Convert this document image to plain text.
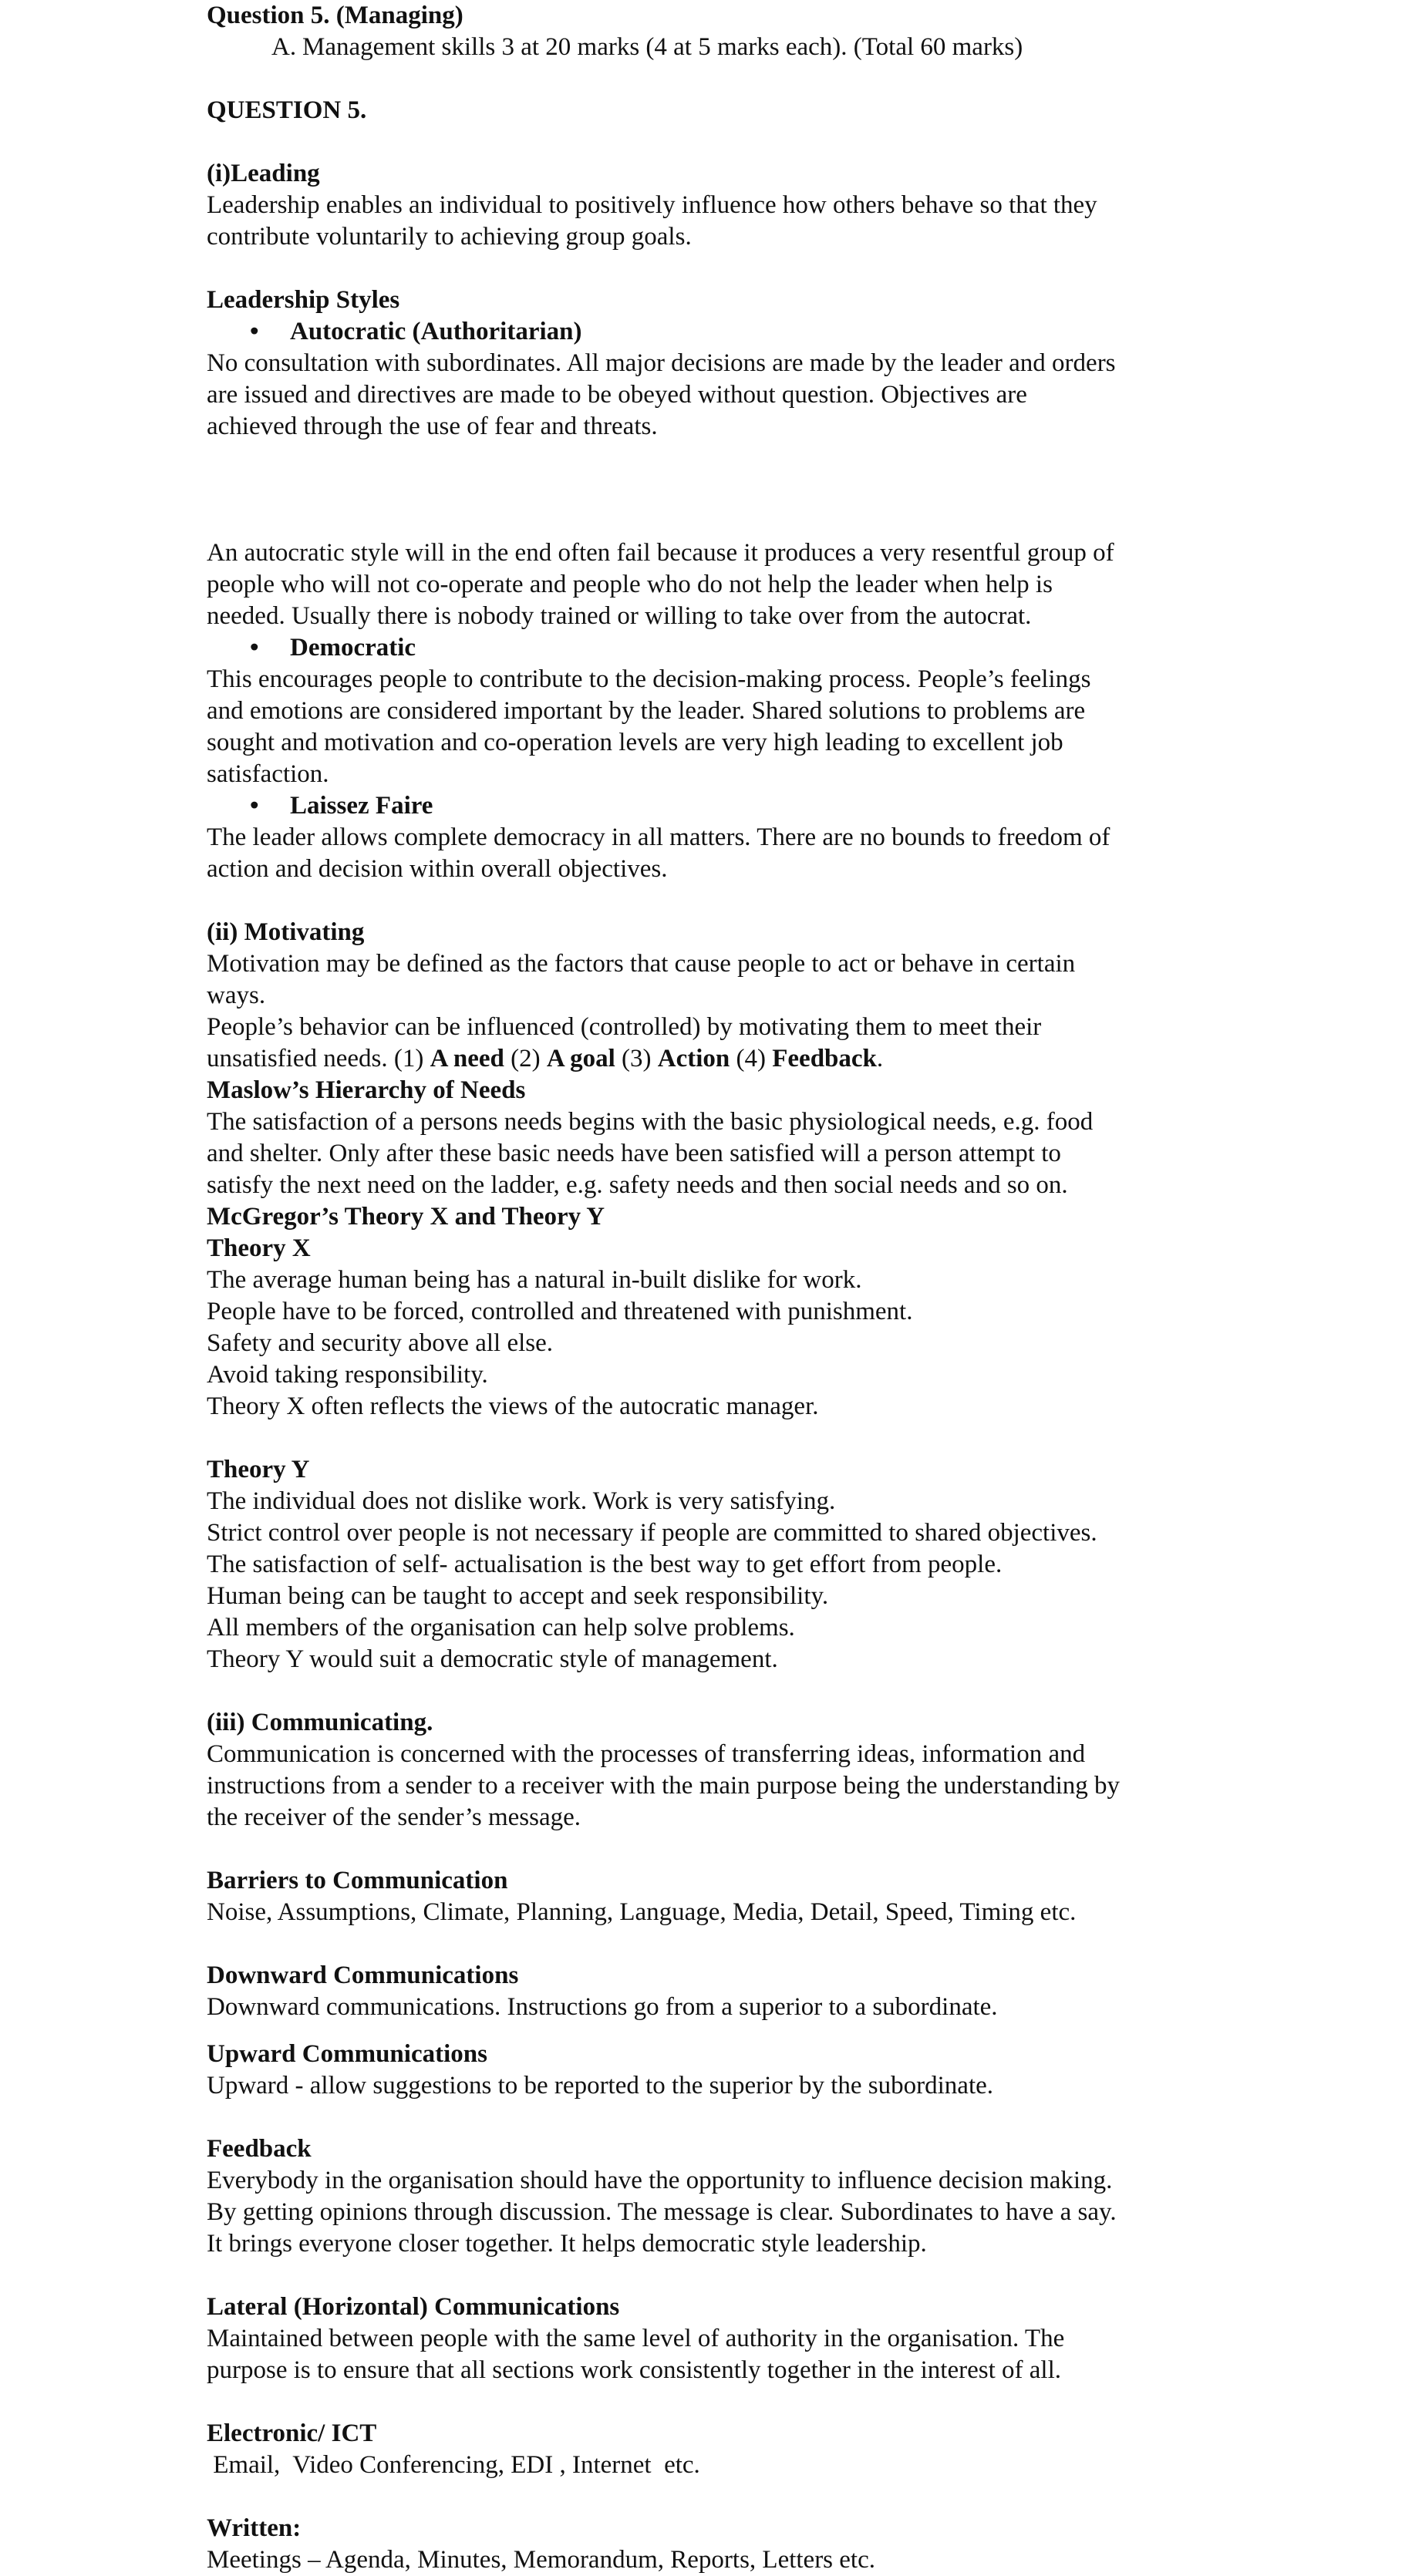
Question 5. (Managing)
A. Management skills 3 at 20 marks (4 at 5 marks each). (Total 60 marks)
QUESTION 5.
(i)Leading
Leadership enables an individual to positively influence how others behave so that they
contribute voluntarily to achieving group goals.
Leadership Styles
• Autocratic (Authoritarian)
No consultation with subordinates. All major decisions are made by the leader and orders
are issued and directives are made to be obeyed without question. Objectives are
achieved through the use of fear and threats.
An autocratic style will in the end often fail because it produces a very resentful group of
people who will not co-operate and people who do not help the leader when help is
needed. Usually there is nobody trained or willing to take over from the autocrat.
• Democratic
This encourages people to contribute to the decision-making process. People’s feelings
and emotions are considered important by the leader. Shared solutions to problems are
sought and motivation and co-operation levels are very high leading to excellent job
satisfaction.
• Laissez Faire
The leader allows complete democracy in all matters. There are no bounds to freedom of
action and decision within overall objectives.
(ii) Motivating
Motivation may be defined as the factors that cause people to act or behave in certain
ways.
People’s behavior can be influenced (controlled) by motivating them to meet their
unsatisfied needs. (1) A need (2) A goal (3) Action (4) Feedback.
Maslow’s Hierarchy of Needs
The satisfaction of a persons needs begins with the basic physiological needs, e.g. food
and shelter. Only after these basic needs have been satisfied will a person attempt to
satisfy the next need on the ladder, e.g. safety needs and then social needs and so on.
McGregor’s Theory X and Theory Y
Theory X
The average human being has a natural in-built dislike for work.
People have to be forced, controlled and threatened with punishment.
Safety and security above all else.
Avoid taking responsibility.
Theory X often reflects the views of the autocratic manager.
Theory Y
The individual does not dislike work. Work is very satisfying.
Strict control over people is not necessary if people are committed to shared objectives.
The satisfaction of self- actualisation is the best way to get effort from people.
Human being can be taught to accept and seek responsibility.
All members of the organisation can help solve problems.
Theory Y would suit a democratic style of management.
(iii) Communicating.
Communication is concerned with the processes of transferring ideas, information and
instructions from a sender to a receiver with the main purpose being the understanding by
the receiver of the sender’s message.
Barriers to Communication
Noise, Assumptions, Climate, Planning, Language, Media, Detail, Speed, Timing etc.
Downward Communications
Downward communications. Instructions go from a superior to a subordinate.
Upward Communications
Upward - allow suggestions to be reported to the superior by the subordinate.
Feedback
Everybody in the organisation should have the opportunity to influence decision making.
By getting opinions through discussion. The message is clear. Subordinates to have a say.
It brings everyone closer together. It helps democratic style leadership.
Lateral (Horizontal) Communications
Maintained between people with the same level of authority in the organisation. The
purpose is to ensure that all sections work consistently together in the interest of all.
Electronic/ ICT
Email,  Video Conferencing, EDI , Internet  etc.
Written:
Meetings – Agenda, Minutes, Memorandum, Reports, Letters etc.
